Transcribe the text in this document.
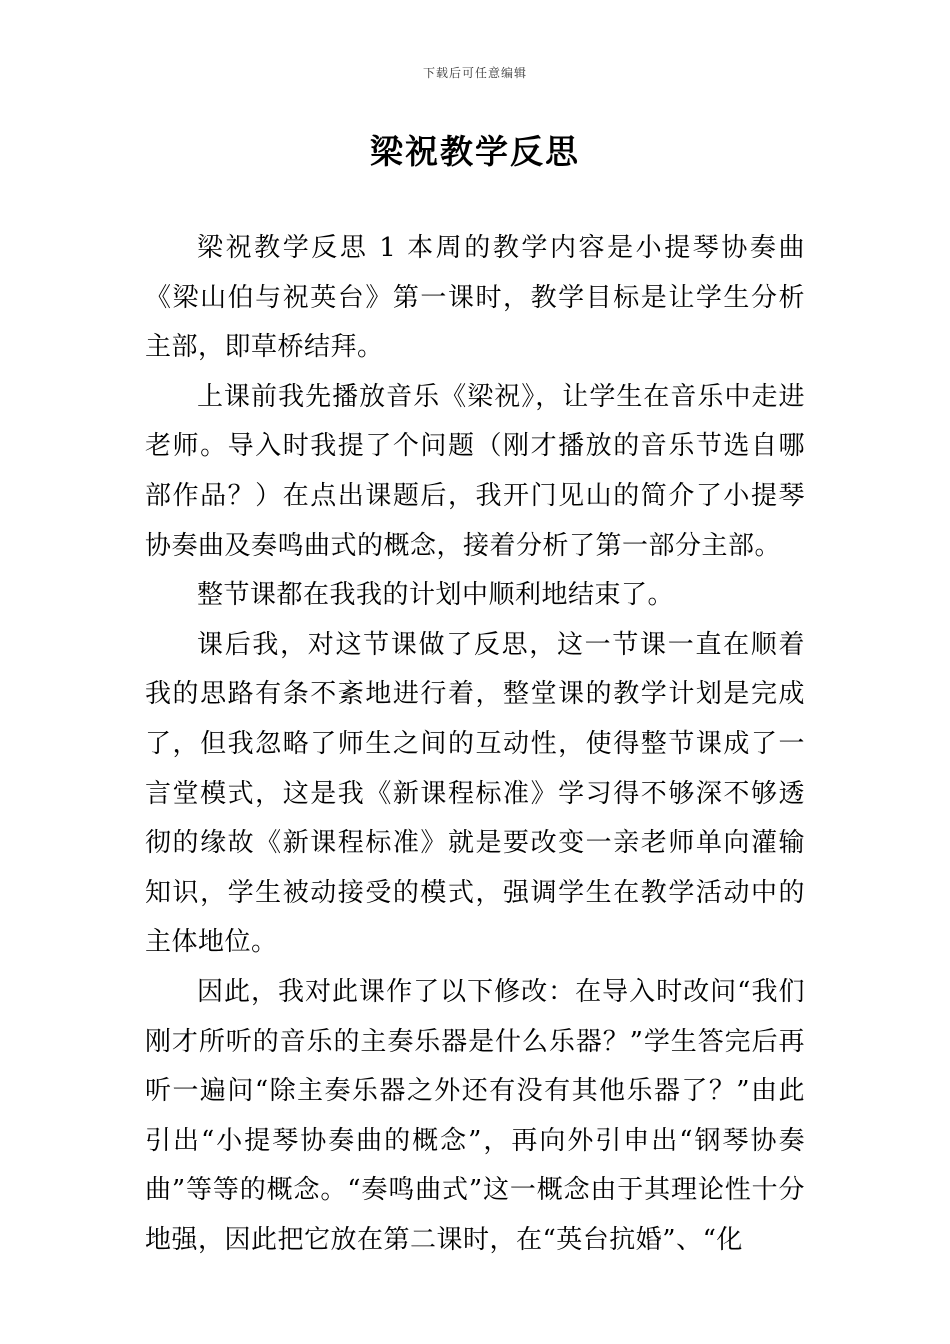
下载后可任意编辑
梁祝教学反思

梁祝教学反思 1 本周的教学内容是小提琴协奏曲《梁山伯与祝英台》第一课时，教学目标是让学生分析主部，即草桥结拜。

上课前我先播放音乐《梁祝》，让学生在音乐中走进老师。导入时我提了个问题（刚才播放的音乐节选自哪部作品？）在点出课题后，我开门见山的简介了小提琴协奏曲及奏鸣曲式的概念，接着分析了第一部分主部。

整节课都在我我的计划中顺利地结束了。

课后我，对这节课做了反思，这一节课一直在顺着我的思路有条不紊地进行着，整堂课的教学计划是完成了，但我忽略了师生之间的互动性，使得整节课成了一言堂模式，这是我《新课程标准》学习得不够深不够透彻的缘故《新课程标准》就是要改变一亲老师单向灌输知识，学生被动接受的模式，强调学生在教学活动中的主体地位。

因此，我对此课作了以下修改：在导入时改问“我们刚才所听的音乐的主奏乐器是什么乐器？”学生答完后再听一遍问“除主奏乐器之外还有没有其他乐器了？”由此引出“小提琴协奏曲的概念”，再向外引申出“钢琴协奏曲”等等的概念。“奏鸣曲式”这一概念由于其理论性十分地强，因此把它放在第二课时，在“英台抗婚”、“化
